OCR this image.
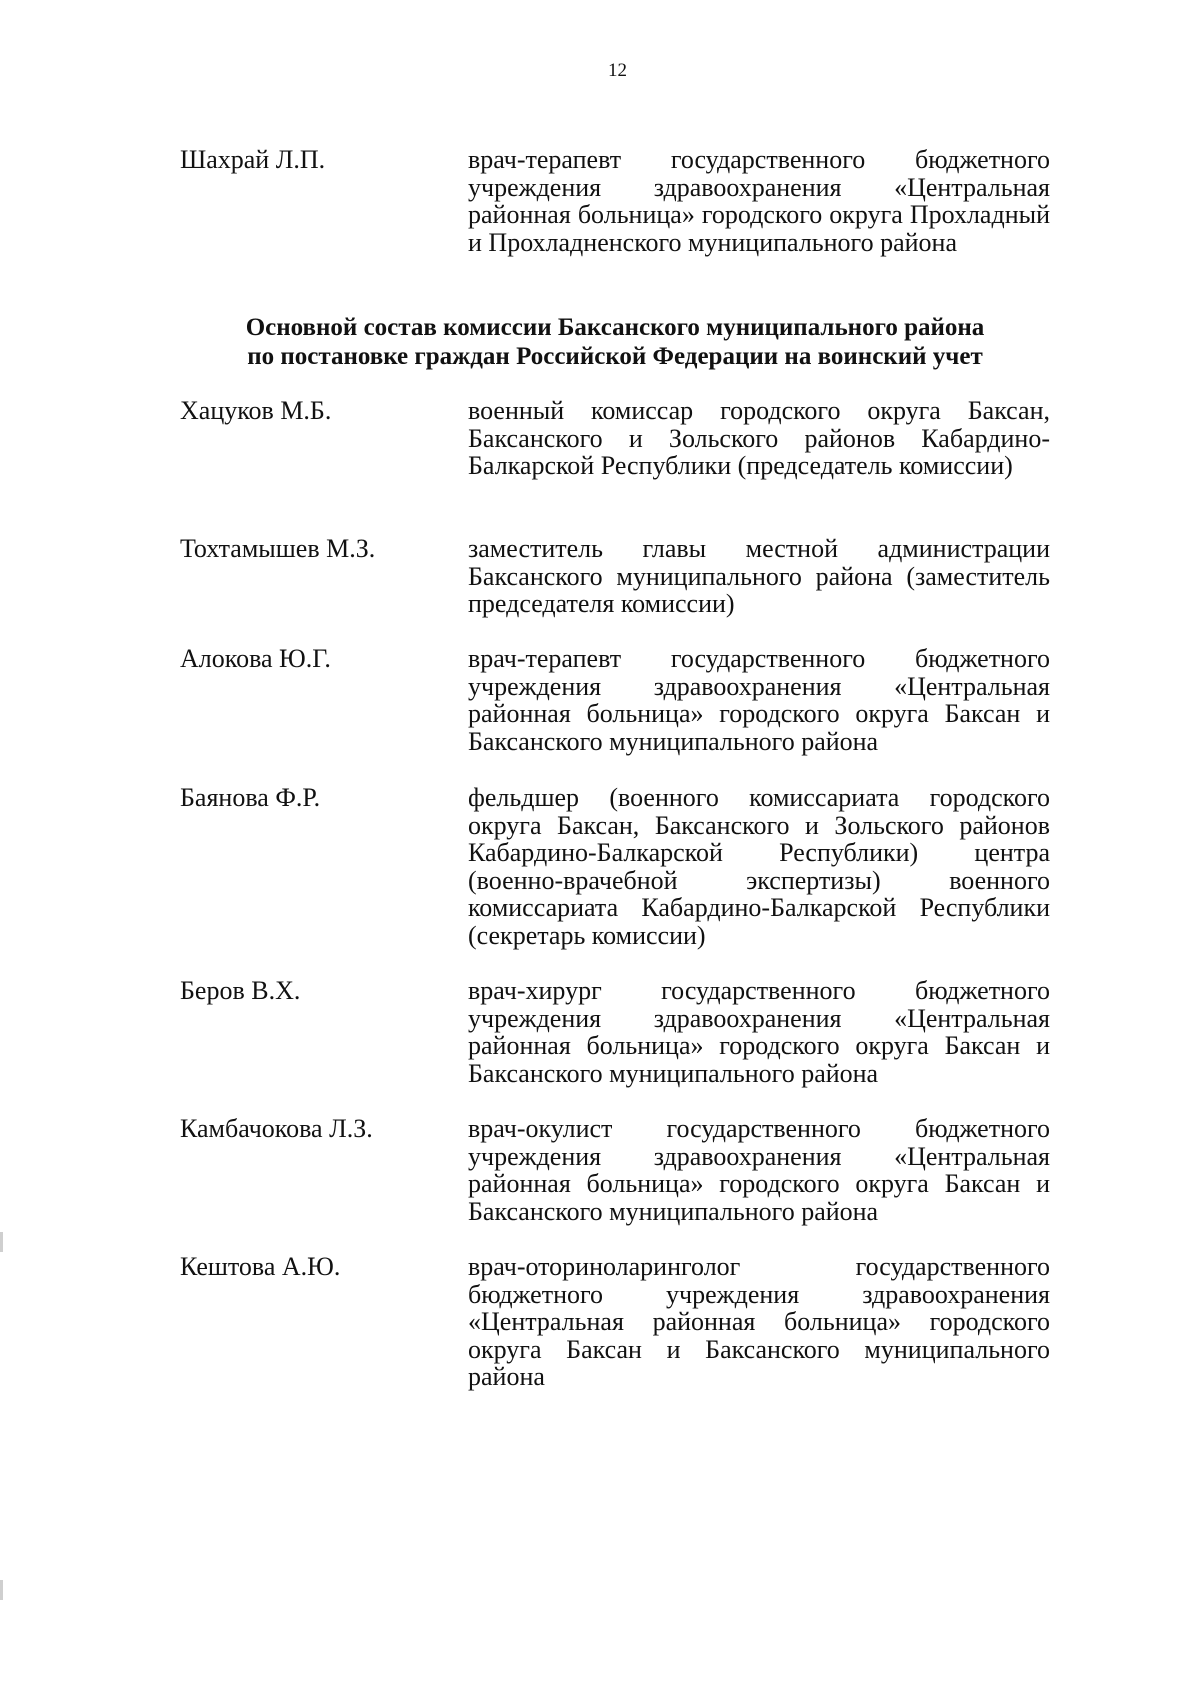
12
Шахрай Л.П.	врач-терапевт государственного бюджетного учреждения здравоохранения «Центральная районная больница» городского округа Прохладный и Прохладненского муниципального района
Основной состав комиссии Баксанского муниципального района
по постановке граждан Российской Федерации на воинский учет
Хацуков М.Б.	военный комиссар городского округа Баксан, Баксанского и Зольского районов Кабардино-Балкарской Республики (председатель комиссии)
Тохтамышев М.З.	заместитель главы местной администрации Баксанского муниципального района (заместитель председателя комиссии)
Алокова Ю.Г.	врач-терапевт государственного бюджетного учреждения здравоохранения «Центральная районная больница» городского округа Баксан и Баксанского муниципального района
Баянова Ф.Р.	фельдшер (военного комиссариата городского округа Баксан, Баксанского и Зольского районов Кабардино-Балкарской Республики) центра (военно-врачебной экспертизы) военного комиссариата Кабардино-Балкарской Республики (секретарь комиссии)
Беров В.Х.	врач-хирург государственного бюджетного учреждения здравоохранения «Центральная районная больница» городского округа Баксан и Баксанского муниципального района
Камбачокова Л.З.	врач-окулист государственного бюджетного учреждения здравоохранения «Центральная районная больница» городского округа Баксан и Баксанского муниципального района
Кештова А.Ю.	врач-оториноларинголог государственного бюджетного учреждения здравоохранения «Центральная районная больница» городского округа Баксан и Баксанского муниципального района
